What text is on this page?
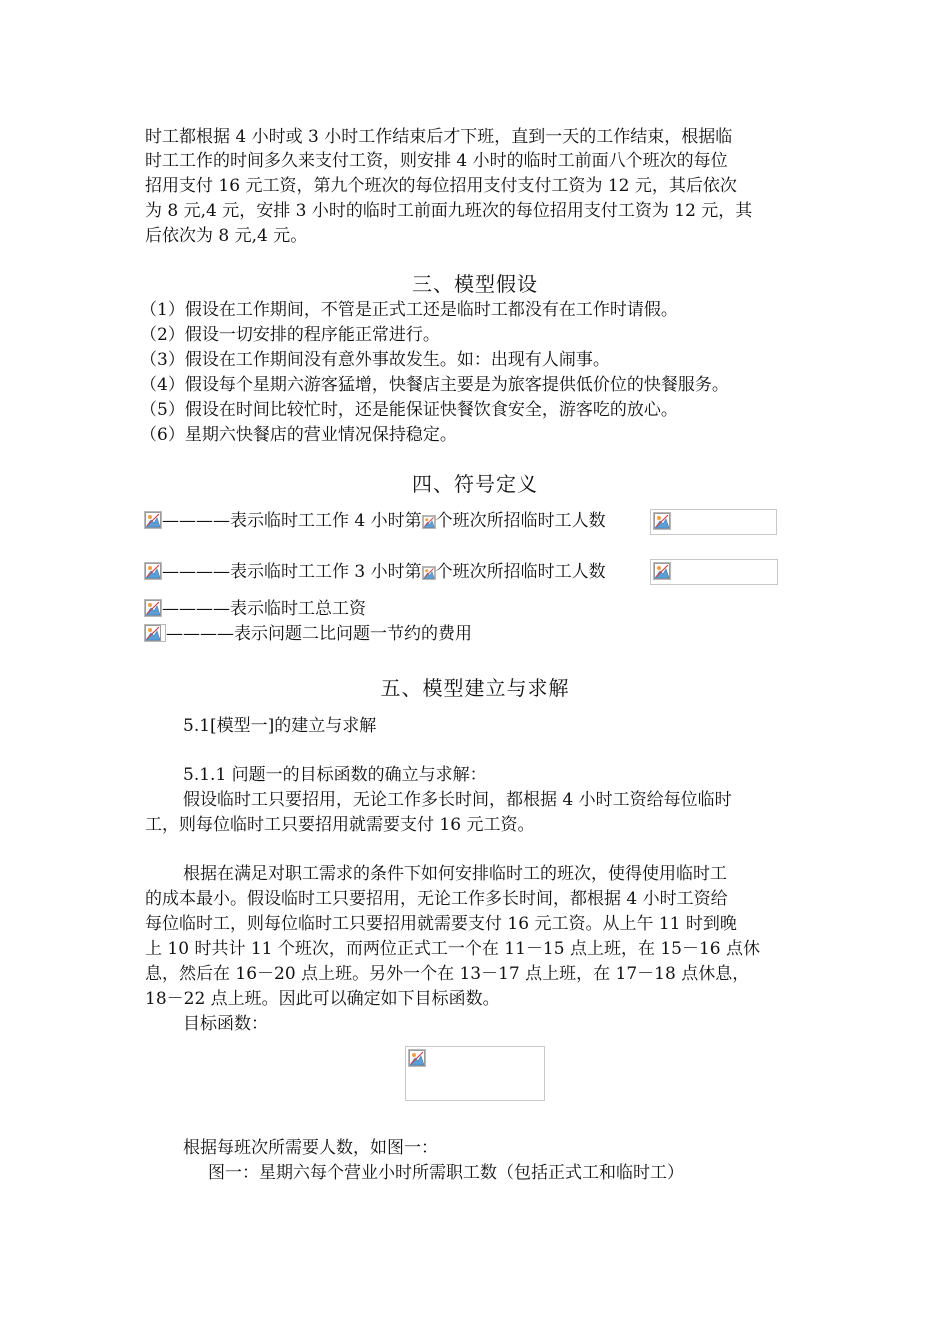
时工都根据 4 小时或 3 小时工作结束后才下班，直到一天的工作结束，根据临
时工工作的时间多久来支付工资，则安排 4 小时的临时工前面八个班次的每位
招用支付 16 元工资，第九个班次的每位招用支付支付工资为 12 元，其后依次
为 8 元,4 元，安排 3 小时的临时工前面九班次的每位招用支付工资为 12 元，其
后依次为 8 元,4 元。
三、模型假设
（1）假设在工作期间，不管是正式工还是临时工都没有在工作时请假。
（2）假设一切安排的程序能正常进行。
（3）假设在工作期间没有意外事故发生。如：出现有人闹事。
（4）假设每个星期六游客猛增，快餐店主要是为旅客提供低价位的快餐服务。
（5）假设在时间比较忙时，还是能保证快餐饮食安全，游客吃的放心。
（6）星期六快餐店的营业情况保持稳定。
四、符号定义
————表示临时工工作 4 小时第 个班次所招临时工人数
————表示临时工工作 3 小时第 个班次所招临时工人数
————表示临时工总工资
————表示问题二比问题一节约的费用
五、模型建立与求解
5.1[模型一]的建立与求解
5.1.1 问题一的目标函数的确立与求解：
假设临时工只要招用，无论工作多长时间，都根据 4 小时工资给每位临时
工，则每位临时工只要招用就需要支付 16 元工资。
根据在满足对职工需求的条件下如何安排临时工的班次，使得使用临时工
的成本最小。假设临时工只要招用，无论工作多长时间，都根据 4 小时工资给
每位临时工，则每位临时工只要招用就需要支付 16 元工资。从上午 11 时到晚
上 10 时共计 11 个班次，而两位正式工一个在 11－15 点上班，在 15－16 点休
息，然后在 16－20 点上班。另外一个在 13－17 点上班，在 17－18 点休息，
18－22 点上班。因此可以确定如下目标函数。
目标函数：
根据每班次所需要人数，如图一：
图一：星期六每个营业小时所需职工数（包括正式工和临时工）
